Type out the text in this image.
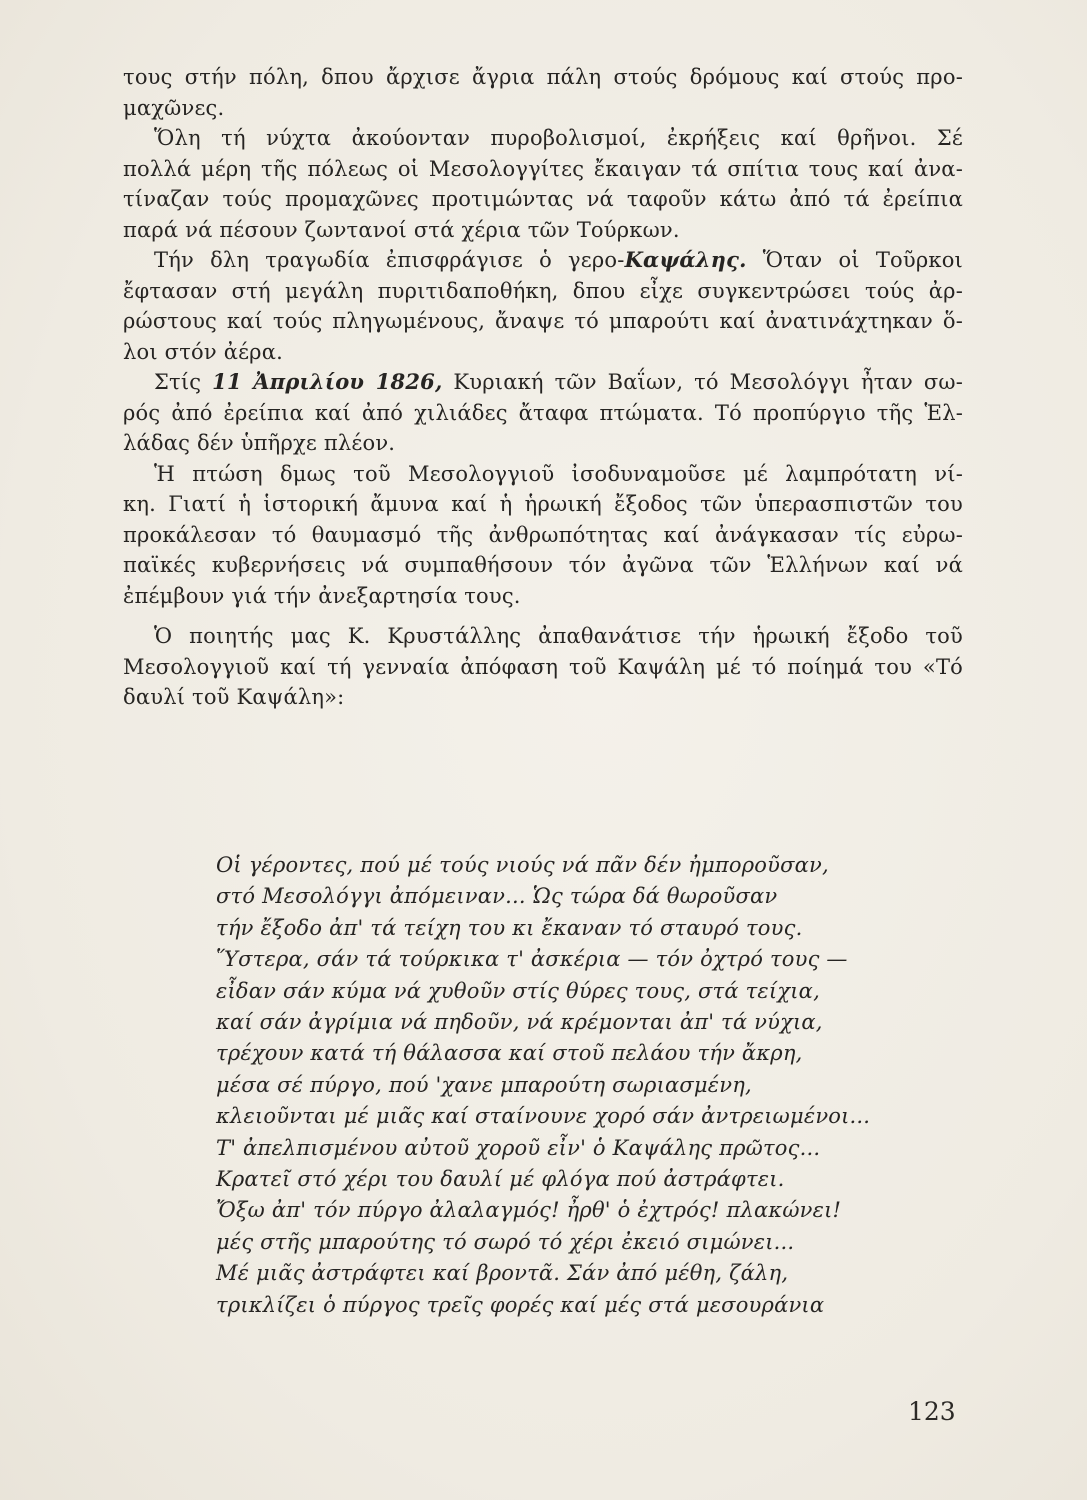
τους στήν πόλη, δπου ἄρχισε ἄγρια πάλη στούς δρόμους καί στούς προ-
μαχῶνες.
Ὅλη τή νύχτα ἀκούονταν πυροβολισμοί, ἐκρήξεις καί θρῆνοι. Σέ
πολλά μέρη τῆς πόλεως οἱ Μεσολογγίτες ἔκαιγαν τά σπίτια τους καί ἀνα-
τίναζαν τούς προμαχῶνες προτιμώντας νά ταφοῦν κάτω ἀπό τά ἐρείπια
παρά νά πέσουν ζωντανοί στά χέρια τῶν Τούρκων.
Τήν δλη τραγωδία ἐπισφράγισε ὁ γερο-Καψάλης. Ὅταν οἱ Τοῦρκοι
ἔφτασαν στή μεγάλη πυριτιδαποθήκη, δπου εἶχε συγκεντρώσει τούς ἀρ-
ρώστους καί τούς πληγωμένους, ἄναψε τό μπαρούτι καί ἀνατινάχτηκαν ὅ-
λοι στόν ἀέρα.
Στίς 11 Ἀπριλίου 1826, Κυριακή τῶν Βαΐων, τό Μεσολόγγι ἦταν σω-
ρός ἀπό ἐρείπια καί ἀπό χιλιάδες ἄταφα πτώματα. Τό προπύργιο τῆς Ἑλ-
λάδας δέν ὑπῆρχε πλέον.
Ἡ πτώση δμως τοῦ Μεσολογγιοῦ ἰσοδυναμοῦσε μέ λαμπρότατη νί-
κη. Γιατί ἡ ἱστορική ἄμυνα καί ἡ ἡρωική ἔξοδος τῶν ὑπερασπιστῶν του
προκάλεσαν τό θαυμασμό τῆς ἀνθρωπότητας καί ἀνάγκασαν τίς εὐρω-
παϊκές κυβερνήσεις νά συμπαθήσουν τόν ἀγῶνα τῶν Ἑλλήνων καί νά
ἐπέμβουν γιά τήν ἀνεξαρτησία τους.
Ὁ ποιητής μας Κ. Κρυστάλλης ἀπαθανάτισε τήν ἡρωική ἔξοδο τοῦ
Μεσολογγιοῦ καί τή γενναία ἀπόφαση τοῦ Καψάλη μέ τό ποίημά του «Τό
δαυλί τοῦ Καψάλη»:
Οἱ γέροντες, πού μέ τούς νιούς νά πᾶν δέν ἠμποροῦσαν,
στό Μεσολόγγι ἀπόμειναν... Ὡς τώρα δά θωροῦσαν
τήν ἔξοδο ἀπ' τά τείχη του κι ἔκαναν τό σταυρό τους.
Ὕστερα, σάν τά τούρκικα τ' ἀσκέρια — τόν ὀχτρό τους —
εἶδαν σάν κύμα νά χυθοῦν στίς θύρες τους, στά τείχια,
καί σάν ἀγρίμια νά πηδοῦν, νά κρέμονται ἀπ' τά νύχια,
τρέχουν κατά τή θάλασσα καί στοῦ πελάου τήν ἄκρη,
μέσα σέ πύργο, πού 'χανε μπαρούτη σωριασμένη,
κλειοῦνται μέ μιᾶς καί σταίνουνε χορό σάν ἀντρειωμένοι...
Τ' ἀπελπισμένου αὐτοῦ χοροῦ εἶν' ὁ Καψάλης πρῶτος...
Κρατεῖ στό χέρι του δαυλί μέ φλόγα πού ἀστράφτει.
Ὄξω ἀπ' τόν πύργο ἀλαλαγμός! ἦρθ' ὁ ἐχτρός! πλακώνει!
μές στῆς μπαρούτης τό σωρό τό χέρι ἐκειό σιμώνει...
Μέ μιᾶς ἀστράφτει καί βροντᾶ. Σάν ἀπό μέθη, ζάλη,
τρικλίζει ὁ πύργος τρεῖς φορές καί μές στά μεσουράνια
123
